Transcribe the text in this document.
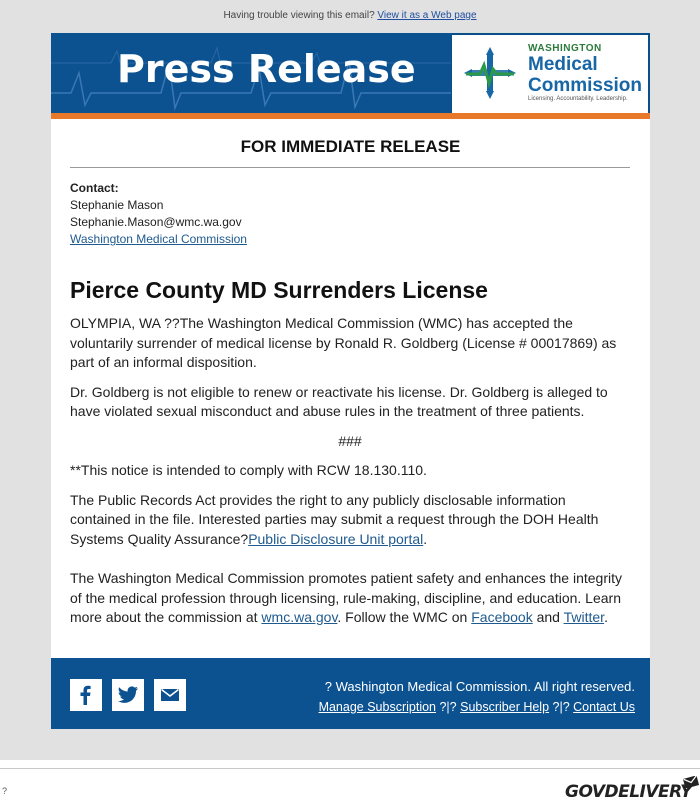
Having trouble viewing this email? View it as a Web page
Press Release	WASHINGTON
Medical
Commission
Licensing. Accountability. Leadership.
FOR IMMEDIATE RELEASE
Contact:
Stephanie Mason
Stephanie.Mason@wmc.wa.gov
Washington Medical Commission
Pierce County MD Surrenders License

OLYMPIA, WA ??The Washington Medical Commission (WMC) has accepted the voluntarily surrender of medical license by Ronald R. Goldberg (License # 00017869) as part of an informal disposition.

Dr. Goldberg is not eligible to renew or reactivate his license. Dr. Goldberg is alleged to have violated sexual misconduct and abuse rules in the treatment of three patients.

###

**This notice is intended to comply with RCW 18.130.110.

The Public Records Act provides the right to any publicly disclosable information contained in the file. Interested parties may submit a request through the DOH Health Systems Quality Assurance?Public Disclosure Unit portal.

The Washington Medical Commission promotes patient safety and enhances the integrity of the medical profession through licensing, rule-making, discipline, and education. Learn more about the commission at wmc.wa.gov. Follow the WMC on Facebook and Twitter.

? Washington Medical Commission. All right reserved.
Manage Subscription ?|? Subscriber Help ?|? Contact Us
?	GOVDELIVERY
